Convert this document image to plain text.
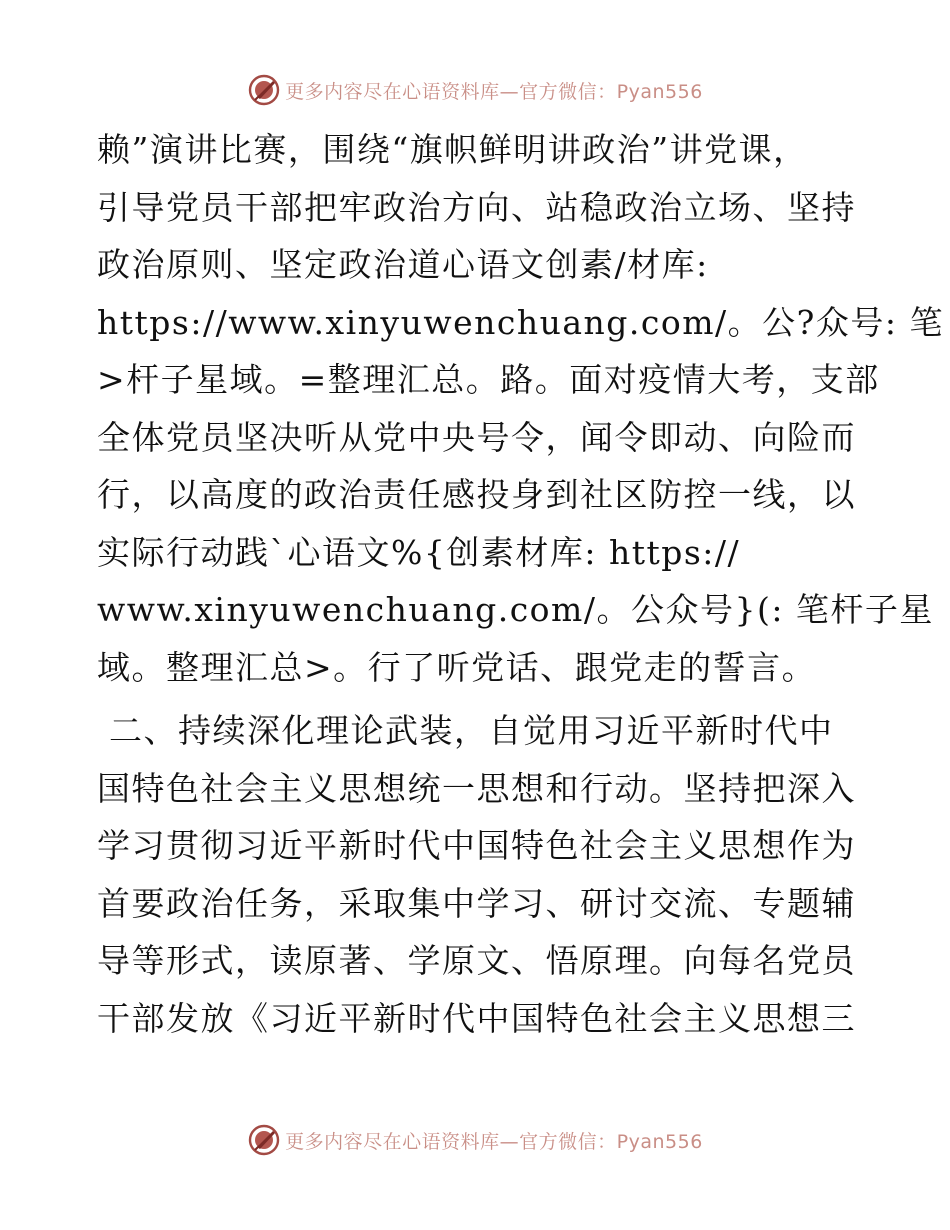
更多内容尽在心语资料库—官方微信：Pyan556

赖”演讲比赛，围绕“旗帜鲜明讲政治”讲党课，
引导党员干部把牢政治方向、站稳政治立场、坚持
政治原则、坚定政治道心语文创素/材库:
https://www.xinyuwenchuang.com/。公?众号: 笔
>杆子星域。=整理汇总。路。面对疫情大考，支部
全体党员坚决听从党中央号令，闻令即动、向险而
行，以高度的政治责任感投身到社区防控一线，以
实际行动践`心语文%{创素材库: https://
www.xinyuwenchuang.com/。公众号}(: 笔杆子星
域。整理汇总>。行了听党话、跟党走的誓言。

二、持续深化理论武装，自觉用习近平新时代中
国特色社会主义思想统一思想和行动。坚持把深入
学习贯彻习近平新时代中国特色社会主义思想作为
首要政治任务，采取集中学习、研讨交流、专题辅
导等形式，读原著、学原文、悟原理。向每名党员
干部发放《习近平新时代中国特色社会主义思想三

更多内容尽在心语资料库—官方微信：Pyan556
